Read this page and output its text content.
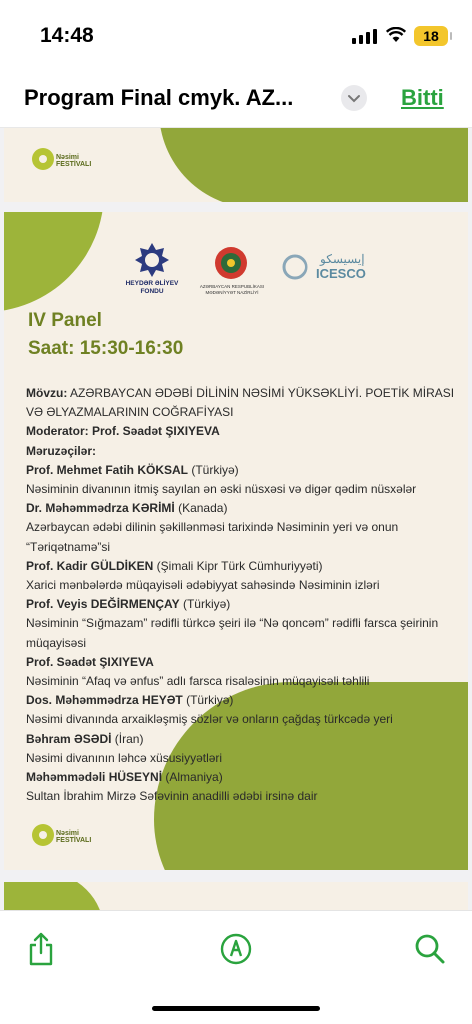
14:48	18
Program Final cmyk. AZ...	Bitti
Nəsimi
FESTİVALI
HEYDƏR ƏLİYEV
FONDU
AZƏRBAYCAN RESPUBLİKASI
MƏDƏNİYYƏT NAZİRLİYİ
إيسيسكو
ICESCO
IV Panel
Saat: 15:30-16:30
Mövzu: AZƏRBAYCAN ƏDƏBİ DİLİNİN NƏSİMİ YÜKSƏKLİYİ. POETİK MİRASI VƏ ƏLYAZMALARININ COĞRAFİYASI
Moderator: Prof. Səadət ŞIXIYEVA
Məruzəçilər:
Prof. Mehmet Fatih KÖKSAL (Türkiyə)
Nəsiminin divanının itmiş sayılan ən əski nüsxəsi və digər qədim nüsxələr
Dr. Məhəmmədrza KƏRİMİ (Kanada)
Azərbaycan ədəbi dilinin şəkillənməsi tarixində Nəsiminin yeri və onun “Təriqətnamə”si
Prof. Kadir GÜLDİKEN (Şimali Kipr Türk Cümhuriyyəti)
Xarici mənbələrdə müqayisəli ədəbiyyat sahəsində Nəsiminin izləri
Prof. Veyis DEĞİRMENÇAY (Türkiyə)
Nəsiminin “Sığmazam” rədifli türkcə şeiri ilə “Nə qoncəm” rədifli farsca şeirinin müqayisəsi
Prof. Səadət ŞIXIYEVA
Nəsiminin “Afaq və ənfus” adlı farsca risaləsinin müqayisəli təhlili
Dos. Məhəmmədrza HEYƏT (Türkiyə)
Nəsimi divanında arxaikləşmiş sözlər və onların çağdaş türkcədə yeri
Bəhram ƏSƏDİ (İran)
Nəsimi divanının ləhcə xüsusiyyətləri
Məhəmmədəli HÜSEYNİ (Almaniya)
Sultan İbrahim Mirzə Səfəvinin anadilli ədəbi irsinə dair
Nəsimi
FESTİVALI
